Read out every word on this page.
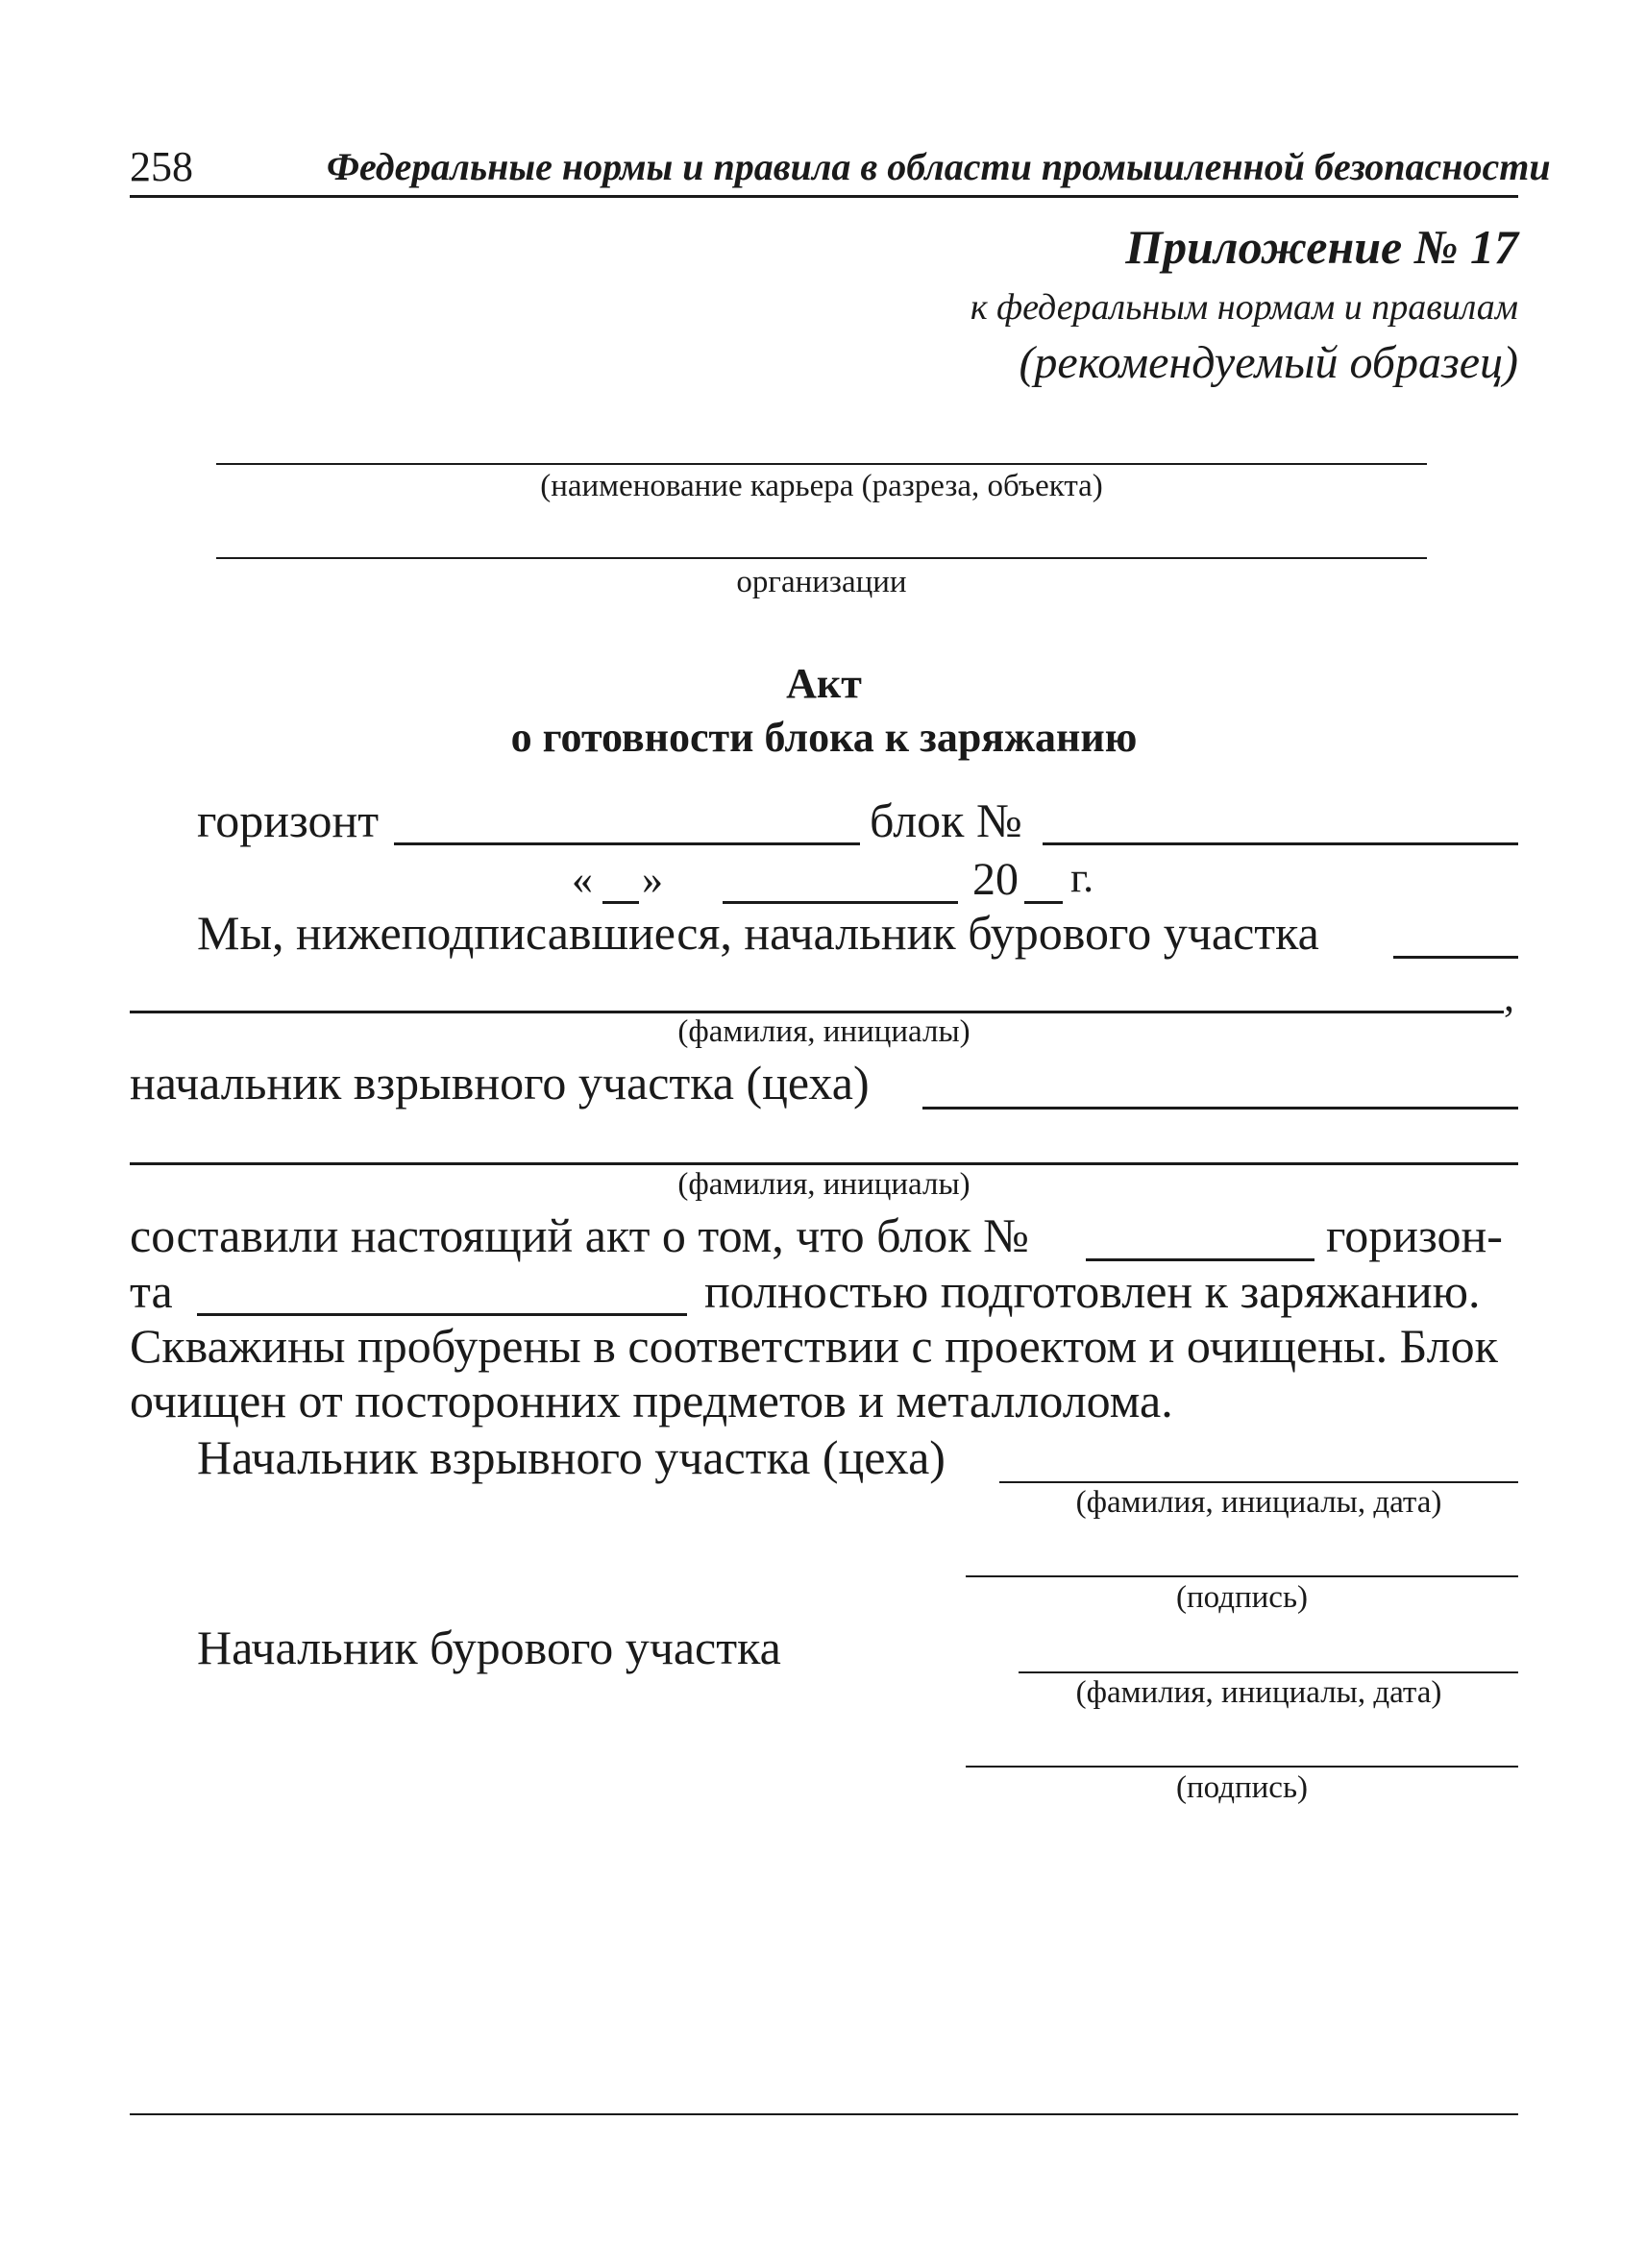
258	Федеральные нормы и правила в области промышленной безопасности
Приложение № 17
к федеральным нормам и правилам
(рекомендуемый образец)
(наименование карьера (разреза, объекта)
организации
Акт
о готовности блока к заряжанию
горизонт	блок №
« »	20 г.
Мы, нижеподписавшиеся, начальник бурового участка
,
(фамилия, инициалы)
начальник взрывного участка (цеха)
(фамилия, инициалы)
составили настоящий акт о том, что блок №	горизон-
та	полностью подготовлен к заряжанию.
Скважины пробурены в соответствии с проектом и очищены. Блок
очищен от посторонних предметов и металлолома.
Начальник взрывного участка (цеха)
(фамилия, инициалы, дата)
(подпись)
Начальник бурового участка
(фамилия, инициалы, дата)
(подпись)
